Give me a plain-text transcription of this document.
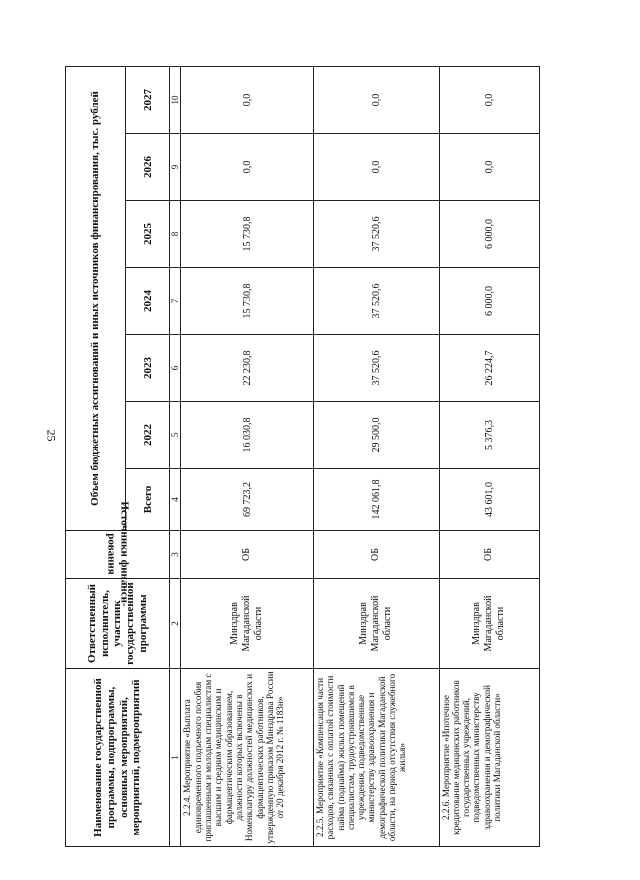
25
Наименование государственной программы, подпрограммы, основных мероприятий, мероприятий, подмероприятий	Ответственный исполнитель, участник государственной программы	Источники финанси-рования	Объем бюджетных ассигнований и иных источников финансирования, тыс. рублей						
			Всего	2022	2023	2024	2025	2026	2027
1	2	3	4	5	6	7	8	9	10
2.2.4. Мероприятие «Выплата единовременного подъемного пособия приглашенным и молодым специалистам с высшим и средним медицинским и фармацевтическим образованием, должности которых включены в Номенклатуру должностей медицинских и фармацевтических работников, утвержденную приказом Минздрава России от 20 декабря 2012 г. № 1183н»	Минздрав Магаданской области	ОБ	69 723,2	16 030,8	22 230,8	15 730,8	15 730,8	0,0	0,0
2.2.5. Мероприятие «Компенсация части расходов, связанных с оплатой стоимости найма (поднайма) жилых помещений специалистам, трудоустроившимся в учреждения, подведомственные министерству здравоохранения и демографической политики Магаданской области, на период отсутствия служебного жилья»	Минздрав Магаданской области	ОБ	142 061,8	29 500,0	37 520,6	37 520,6	37 520,6	0,0	0,0
2.2.6. Мероприятие «Ипотечное кредитование медицинских работников государственных учреждений, подведомственных министерству здравоохранения и демографической политики Магаданской области»	Минздрав Магаданской области	ОБ	43 601,0	5 376,3	26 224,7	6 000,0	6 000,0	0,0	0,0
